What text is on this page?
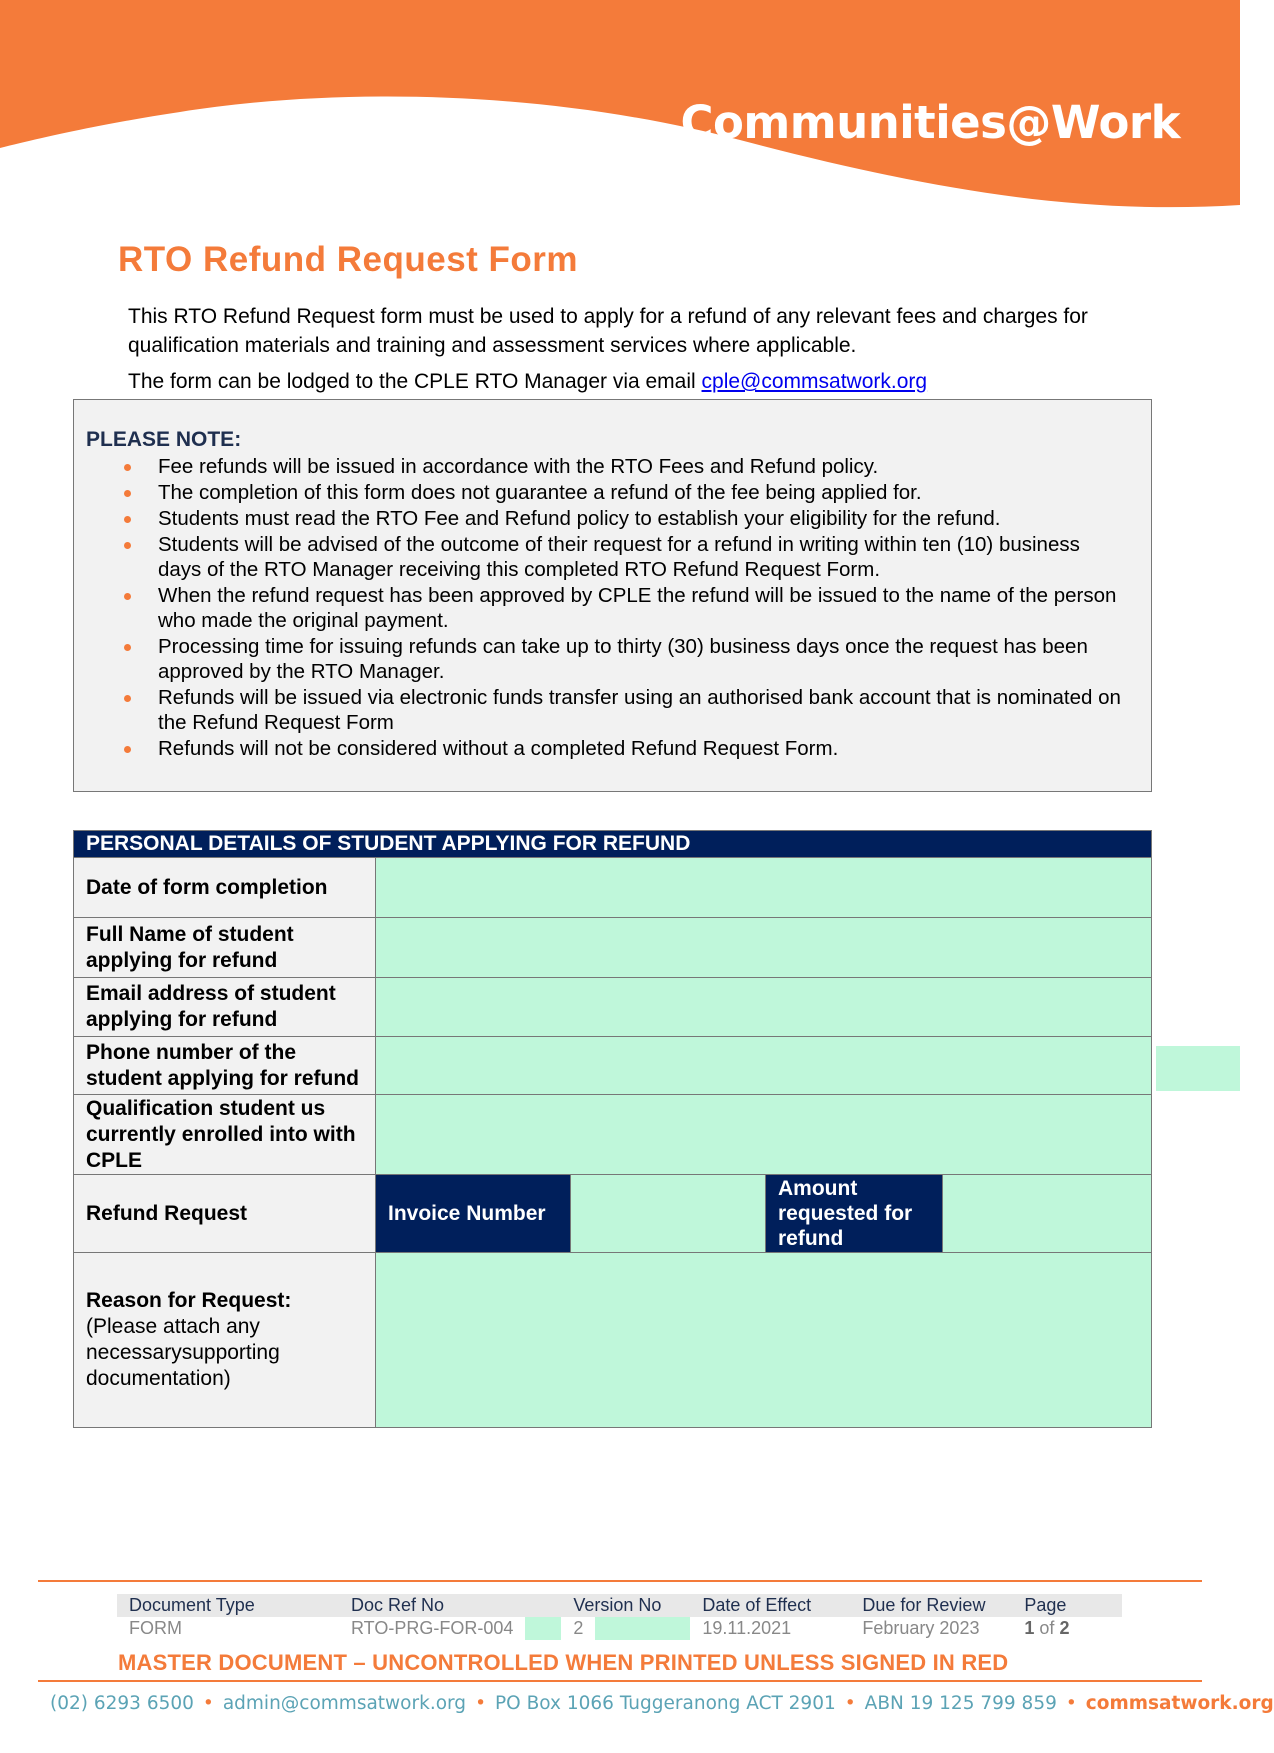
Communities@Work
RTO Refund Request Form

This RTO Refund Request form must be used to apply for a refund of any relevant fees and charges for qualification materials and training and assessment services where applicable.

The form can be lodged to the CPLE RTO Manager via email cple@commsatwork.org

PLEASE NOTE:
Fee refunds will be issued in accordance with the RTO Fees and Refund policy.
The completion of this form does not guarantee a refund of the fee being applied for.
Students must read the RTO Fee and Refund policy to establish your eligibility for the refund.
Students will be advised of the outcome of their request for a refund in writing within ten (10) business days of the RTO Manager receiving this completed RTO Refund Request Form.
When the refund request has been approved by CPLE the refund will be issued to the name of the person who made the original payment.
Processing time for issuing refunds can take up to thirty (30) business days once the request has been approved by the RTO Manager.
Refunds will be issued via electronic funds transfer using an authorised bank account that is nominated on the Refund Request Form
Refunds will not be considered without a completed Refund Request Form.
PERSONAL DETAILS OF STUDENT APPLYING FOR REFUND				
Date of form completion				
Full Name of student applying for refund				
Email address of student applying for refund				
Phone number of the student applying for refund				
Qualification student us currently enrolled into with CPLE				
Refund Request	Invoice Number		Amount requested for refund	

Reason for Request:
(Please attach any necessarysupporting documentation)				

Document Type	Doc Ref No		Version No		Date of Effect	Due for Review	Page
FORM	RTO-PRG-FOR-004		2		19.11.2021	February 2023	1 of 2
MASTER DOCUMENT – UNCONTROLLED WHEN PRINTED UNLESS SIGNED IN RED
(02) 6293 6500 • admin@commsatwork.org • PO Box 1066 Tuggeranong ACT 2901 • ABN 19 125 799 859 • commsatwork.org
